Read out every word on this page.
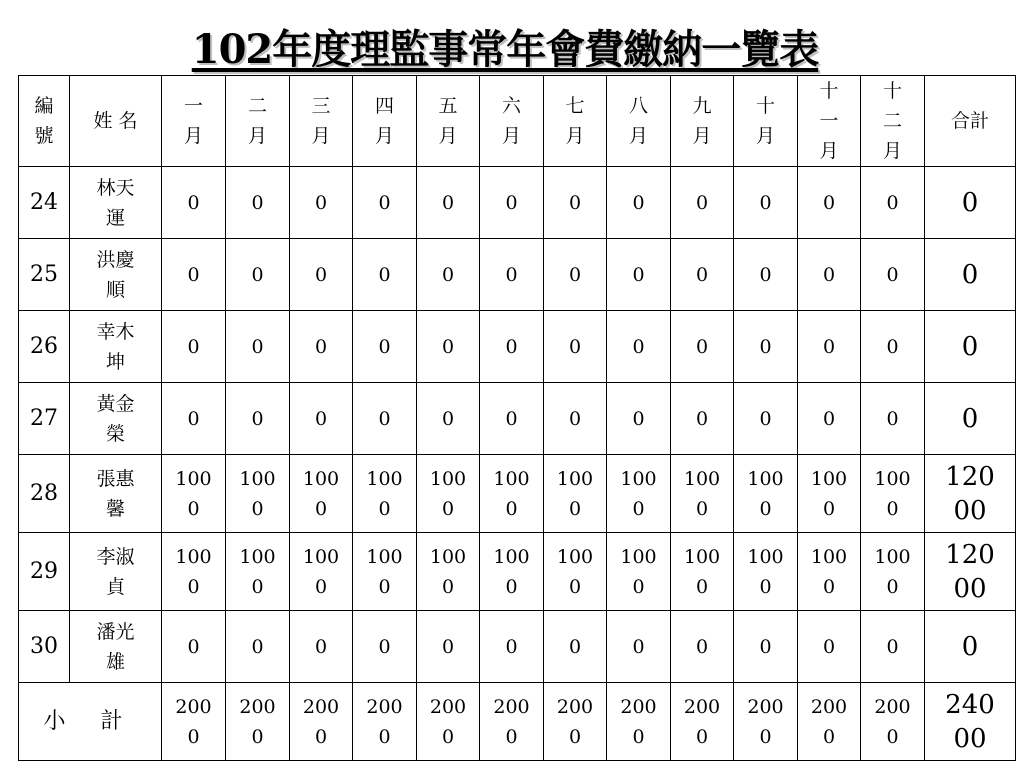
102年度理監事常年會費繳納一覽表
編號	姓 名	一月	二月	三月	四月	五月	六月	七月	八月	九月	十月	十一月	十二月	合計
24	林天運	0	0	0	0	0	0	0	0	0	0	0	0	0
25	洪慶順	0	0	0	0	0	0	0	0	0	0	0	0	0
26	幸木坤	0	0	0	0	0	0	0	0	0	0	0	0	0
27	黃金榮	0	0	0	0	0	0	0	0	0	0	0	0	0
28	張惠馨	1000	1000	1000	1000	1000	1000	1000	1000	1000	1000	1000	1000	12000
29	李淑貞	1000	1000	1000	1000	1000	1000	1000	1000	1000	1000	1000	1000	12000
30	潘光雄	0	0	0	0	0	0	0	0	0	0	0	0	0
小 計		2000	2000	2000	2000	2000	2000	2000	2000	2000	2000	2000	2000	24000
